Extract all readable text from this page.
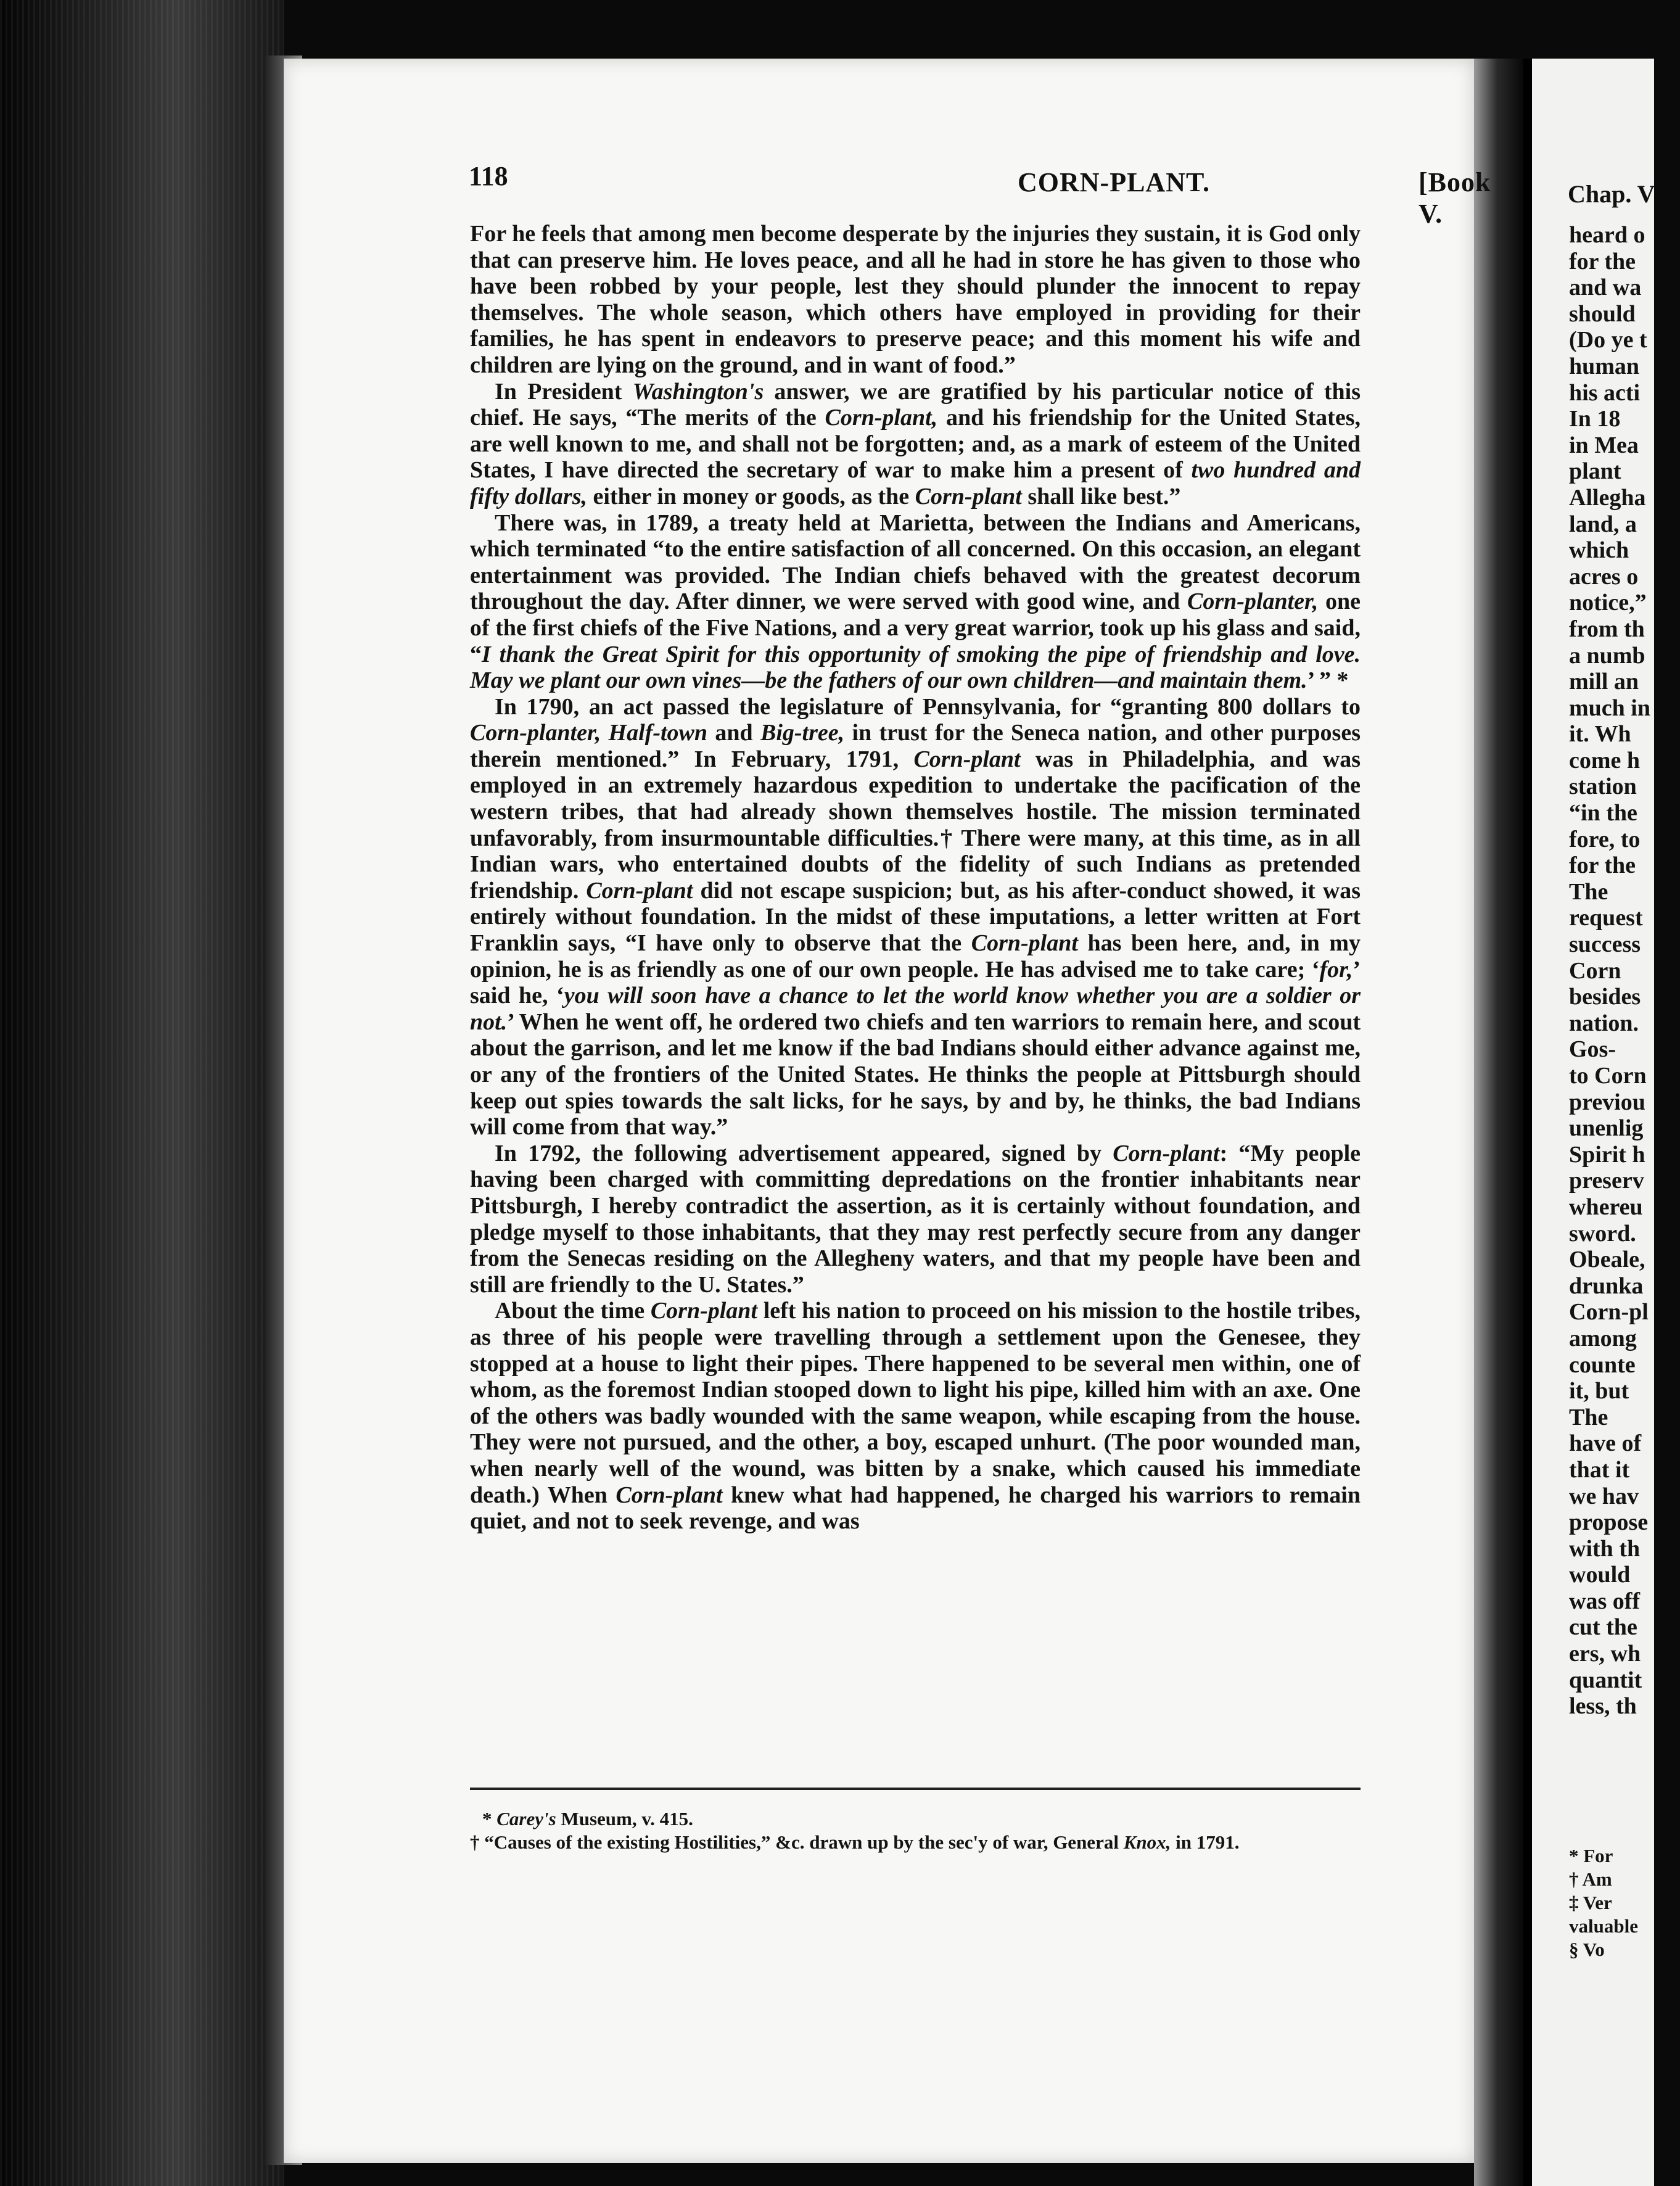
118	CORN-PLANT.	[Book V.

For he feels that among men become desperate by the injuries they sustain, it is God only that can preserve him. He loves peace, and all he had in store he has given to those who have been robbed by your people, lest they should plunder the innocent to repay themselves. The whole season, which others have employed in providing for their families, he has spent in endeavors to preserve peace; and this moment his wife and children are lying on the ground, and in want of food.”

In President Washington's answer, we are gratified by his particular notice of this chief. He says, “The merits of the Corn-plant, and his friendship for the United States, are well known to me, and shall not be forgotten; and, as a mark of esteem of the United States, I have directed the secretary of war to make him a present of two hundred and fifty dollars, either in money or goods, as the Corn-plant shall like best.”

There was, in 1789, a treaty held at Marietta, between the Indians and Americans, which terminated “to the entire satisfaction of all concerned. On this occasion, an elegant entertainment was provided. The Indian chiefs behaved with the greatest decorum throughout the day. After dinner, we were served with good wine, and Corn-planter, one of the first chiefs of the Five Nations, and a very great warrior, took up his glass and said, “I thank the Great Spirit for this opportunity of smoking the pipe of friendship and love. May we plant our own vines—be the fathers of our own children—and maintain them.’ ” *

In 1790, an act passed the legislature of Pennsylvania, for “granting 800 dollars to Corn-planter, Half-town and Big-tree, in trust for the Seneca nation, and other purposes therein mentioned.” In February, 1791, Corn-plant was in Philadelphia, and was employed in an extremely hazardous expedition to undertake the pacification of the western tribes, that had already shown themselves hostile. The mission terminated unfavorably, from insurmountable difficulties.† There were many, at this time, as in all Indian wars, who entertained doubts of the fidelity of such Indians as pretended friendship. Corn-plant did not escape suspicion; but, as his after-conduct showed, it was entirely without foundation. In the midst of these imputations, a letter written at Fort Franklin says, “I have only to observe that the Corn-plant has been here, and, in my opinion, he is as friendly as one of our own people. He has advised me to take care; ‘for,’ said he, ‘you will soon have a chance to let the world know whether you are a soldier or not.’ When he went off, he ordered two chiefs and ten warriors to remain here, and scout about the garrison, and let me know if the bad Indians should either advance against me, or any of the frontiers of the United States. He thinks the people at Pittsburgh should keep out spies towards the salt licks, for he says, by and by, he thinks, the bad Indians will come from that way.”

In 1792, the following advertisement appeared, signed by Corn-plant: “My people having been charged with committing depredations on the frontier inhabitants near Pittsburgh, I hereby contradict the assertion, as it is certainly without foundation, and pledge myself to those inhabitants, that they may rest perfectly secure from any danger from the Senecas residing on the Allegheny waters, and that my people have been and still are friendly to the U. States.”

About the time Corn-plant left his nation to proceed on his mission to the hostile tribes, as three of his people were travelling through a settlement upon the Genesee, they stopped at a house to light their pipes. There happened to be several men within, one of whom, as the foremost Indian stooped down to light his pipe, killed him with an axe. One of the others was badly wounded with the same weapon, while escaping from the house. They were not pursued, and the other, a boy, escaped unhurt. (The poor wounded man, when nearly well of the wound, was bitten by a snake, which caused his immediate death.) When Corn-plant knew what had happened, he charged his warriors to remain quiet, and not to seek revenge, and was

* Carey's Museum, v. 415.

† “Causes of the existing Hostilities,” &c. drawn up by the sec'y of war, General Knox, in 1791.

Chap. V
heard o
for the
and wa
should
(Do ye t
human
his acti
In 18
in Mea
plant
Allegha
land, a
which
acres o
notice,”
from th
a numb
mill an
much in
it. Wh
come h
station
“in the
fore, to
for the
The
request
success
Corn
besides
nation.
Gos-
to Corn
previou
unenlig
Spirit h
preserv
whereu
sword.
Obeale,
drunka
Corn-pl
among
counte
it, but
The
have of
that it
we hav
propose
with th
would
was off
cut the
ers, wh
quantit
less, th
* For
† Am
‡ Ver
valuable
§ Vo
